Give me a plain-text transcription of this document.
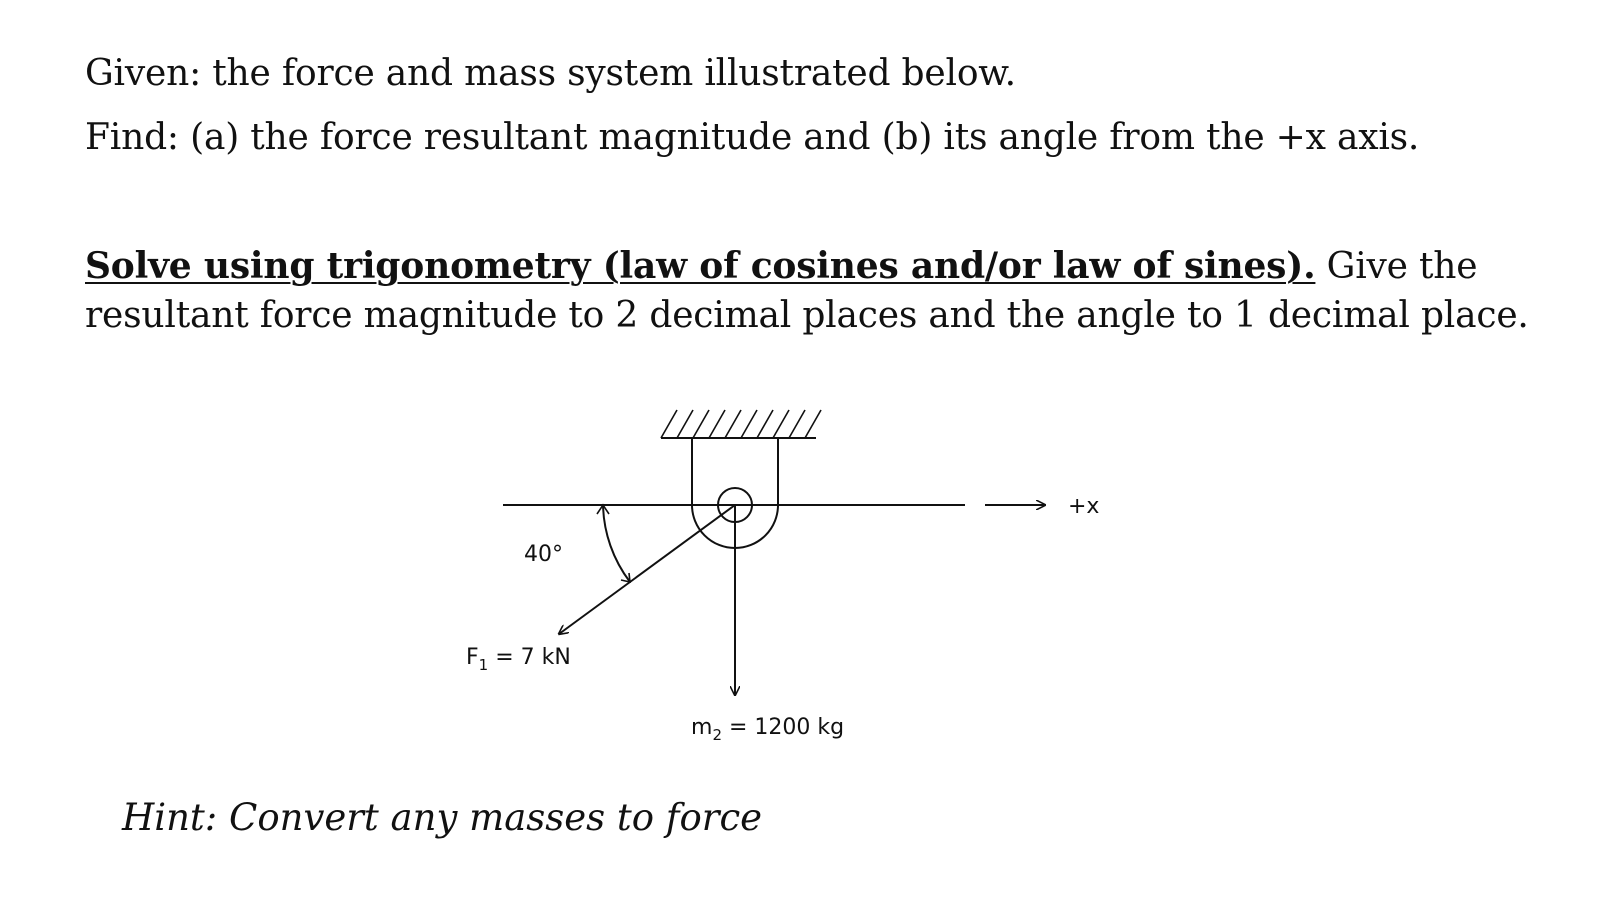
Given: the force and mass system illustrated below.

Find: (a) the force resultant magnitude and (b) its angle from the +x axis.

Solve using trigonometry (law of cosines and/or law of sines). Give the

resultant force magnitude to 2 decimal places and the angle to 1 decimal place.

40°
+x
$F_1 = 7$ kN
$m_2 = 1200$ kg

Hint: Convert any masses to force
